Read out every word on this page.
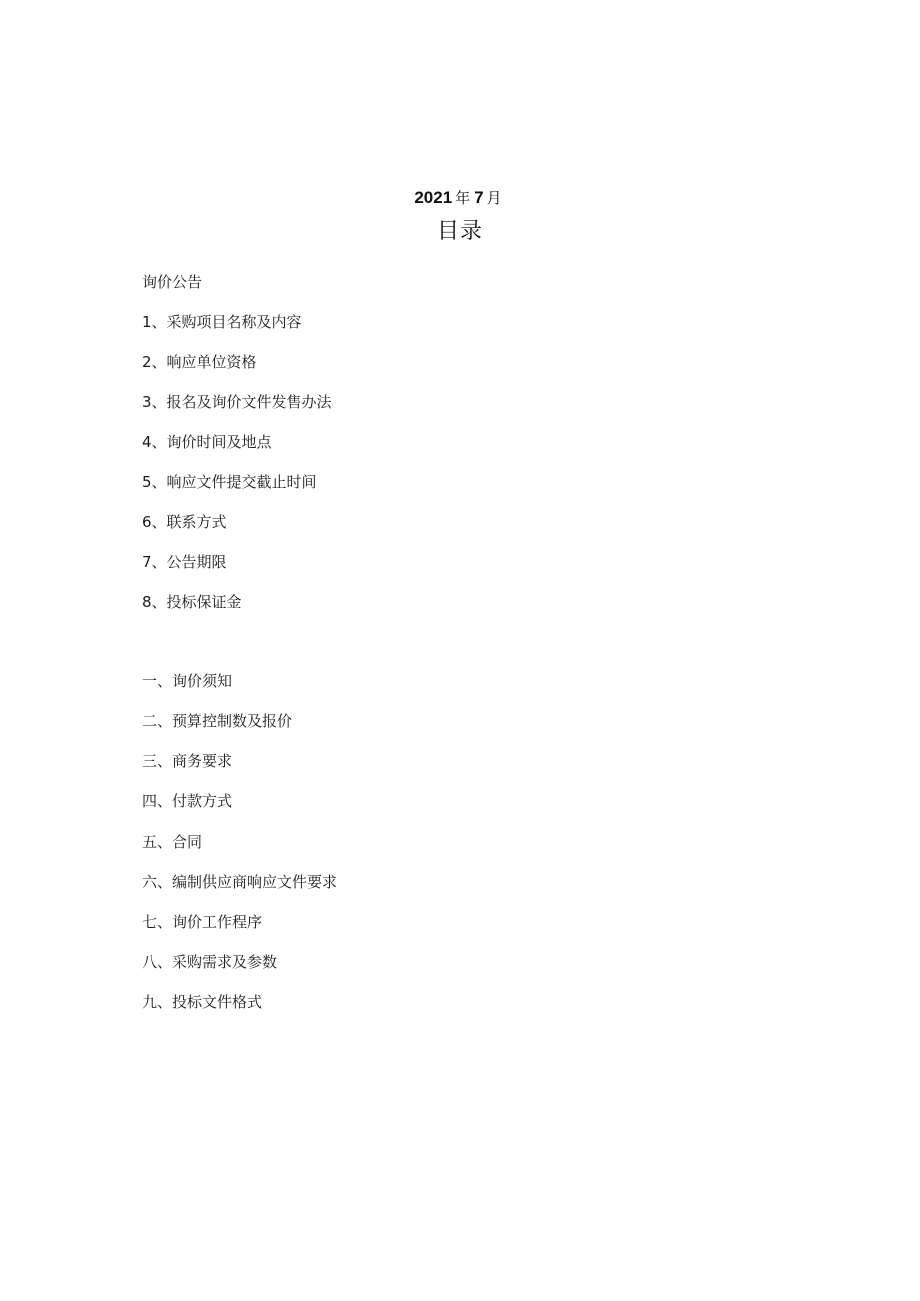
2021 年 7 月
目录
询价公告
1、采购项目名称及内容
2、响应单位资格
3、报名及询价文件发售办法
4、询价时间及地点
5、响应文件提交截止时间
6、联系方式
7、公告期限
8、投标保证金
一、询价须知
二、预算控制数及报价
三、商务要求
四、付款方式
五、合同
六、编制供应商响应文件要求
七、询价工作程序
八、采购需求及参数
九、投标文件格式
